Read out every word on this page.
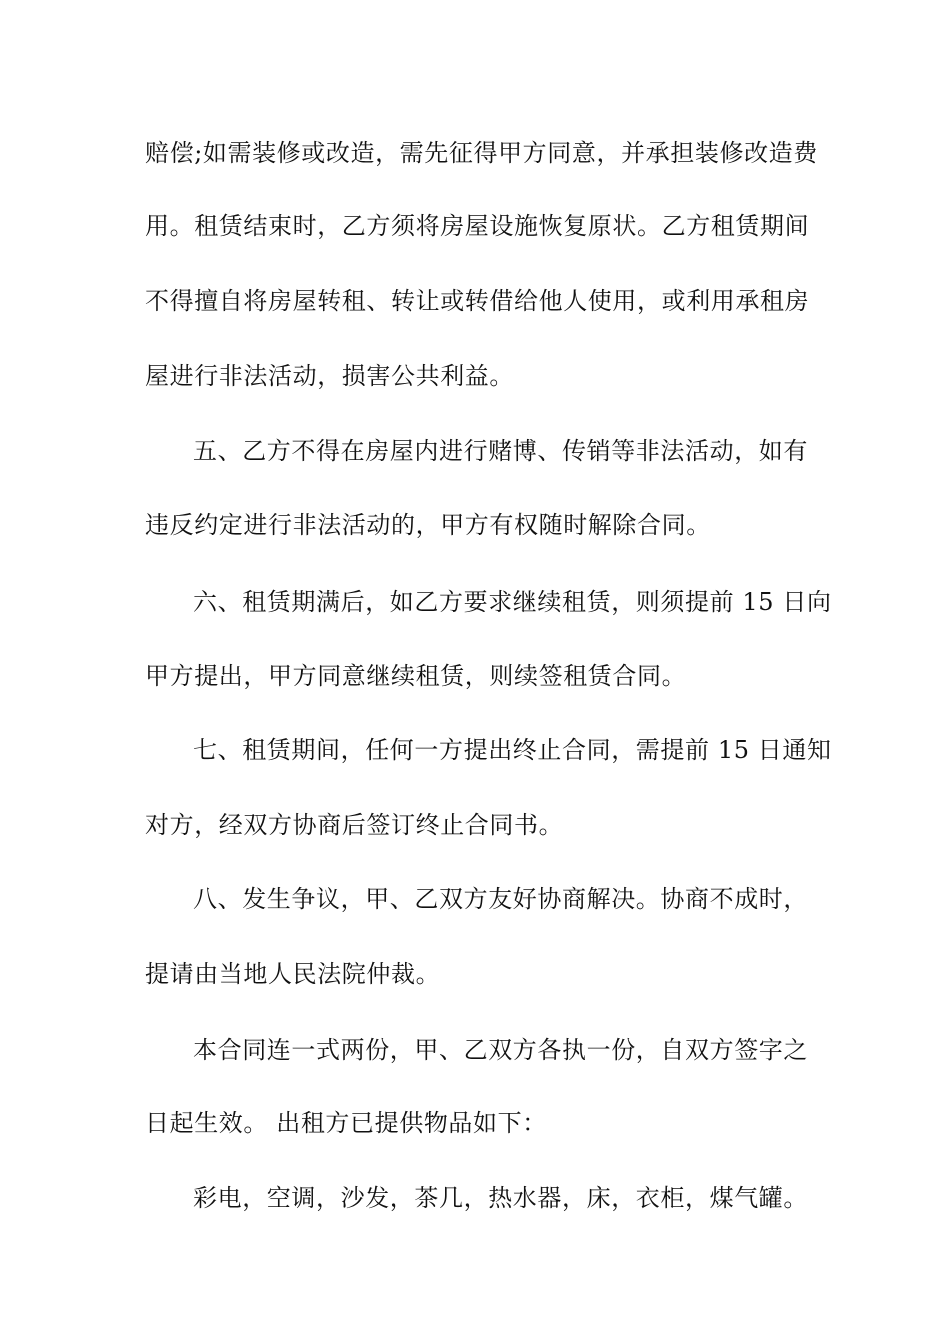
赔偿;如需装修或改造，需先征得甲方同意，并承担装修改造费
用。租赁结束时，乙方须将房屋设施恢复原状。乙方租赁期间
不得擅自将房屋转租、转让或转借给他人使用，或利用承租房
屋进行非法活动，损害公共利益。
五、乙方不得在房屋内进行赌博、传销等非法活动，如有
违反约定进行非法活动的，甲方有权随时解除合同。
六、租赁期满后，如乙方要求继续租赁，则须提前 15 日向
甲方提出，甲方同意继续租赁，则续签租赁合同。
七、租赁期间，任何一方提出终止合同，需提前 15 日通知
对方，经双方协商后签订终止合同书。
八、发生争议，甲、乙双方友好协商解决。协商不成时，
提请由当地人民法院仲裁。
本合同连一式两份，甲、乙双方各执一份，自双方签字之
日起生效。 出租方已提供物品如下：
彩电，空调，沙发，茶几，热水器，床，衣柜，煤气罐。
